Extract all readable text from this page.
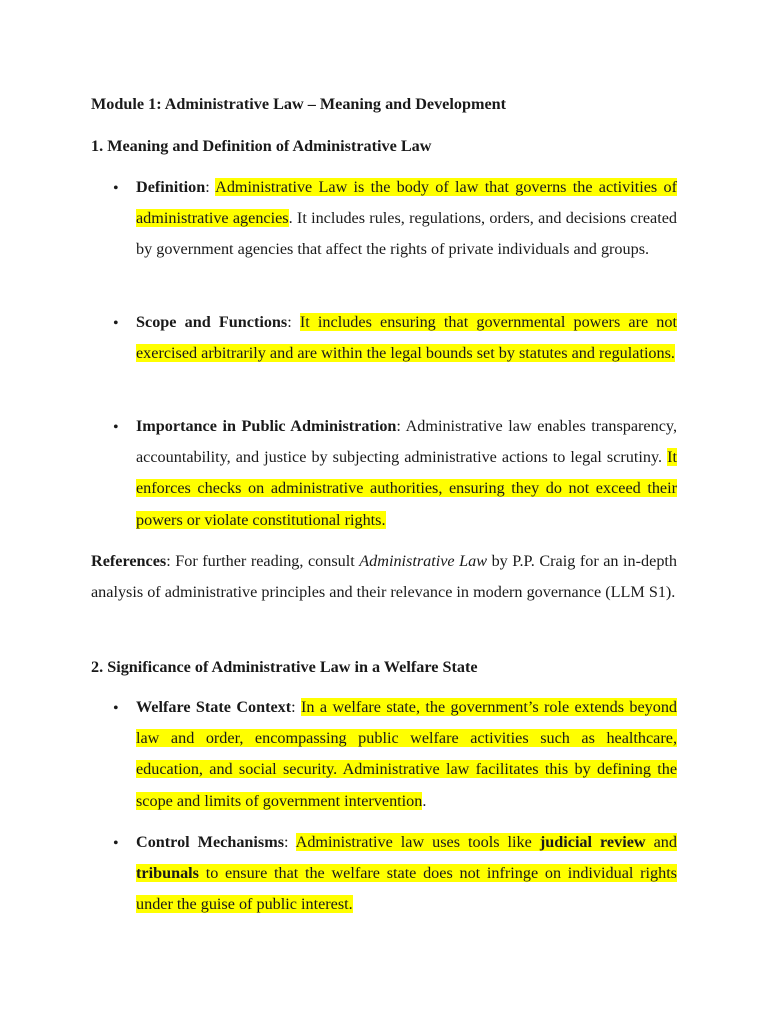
Module 1: Administrative Law – Meaning and Development
1. Meaning and Definition of Administrative Law
• Definition: Administrative Law is the body of law that governs the activities of administrative agencies. It includes rules, regulations, orders, and decisions created by government agencies that affect the rights of private individuals and groups.
• Scope and Functions: It includes ensuring that governmental powers are not exercised arbitrarily and are within the legal bounds set by statutes and regulations.
• Importance in Public Administration: Administrative law enables transparency, accountability, and justice by subjecting administrative actions to legal scrutiny. It enforces checks on administrative authorities, ensuring they do not exceed their powers or violate constitutional rights.
References: For further reading, consult Administrative Law by P.P. Craig for an in-depth analysis of administrative principles and their relevance in modern governance (LLM S1).
2. Significance of Administrative Law in a Welfare State
• Welfare State Context: In a welfare state, the government’s role extends beyond law and order, encompassing public welfare activities such as healthcare, education, and social security. Administrative law facilitates this by defining the scope and limits of government intervention.
• Control Mechanisms: Administrative law uses tools like judicial review and tribunals to ensure that the welfare state does not infringe on individual rights under the guise of public interest.
